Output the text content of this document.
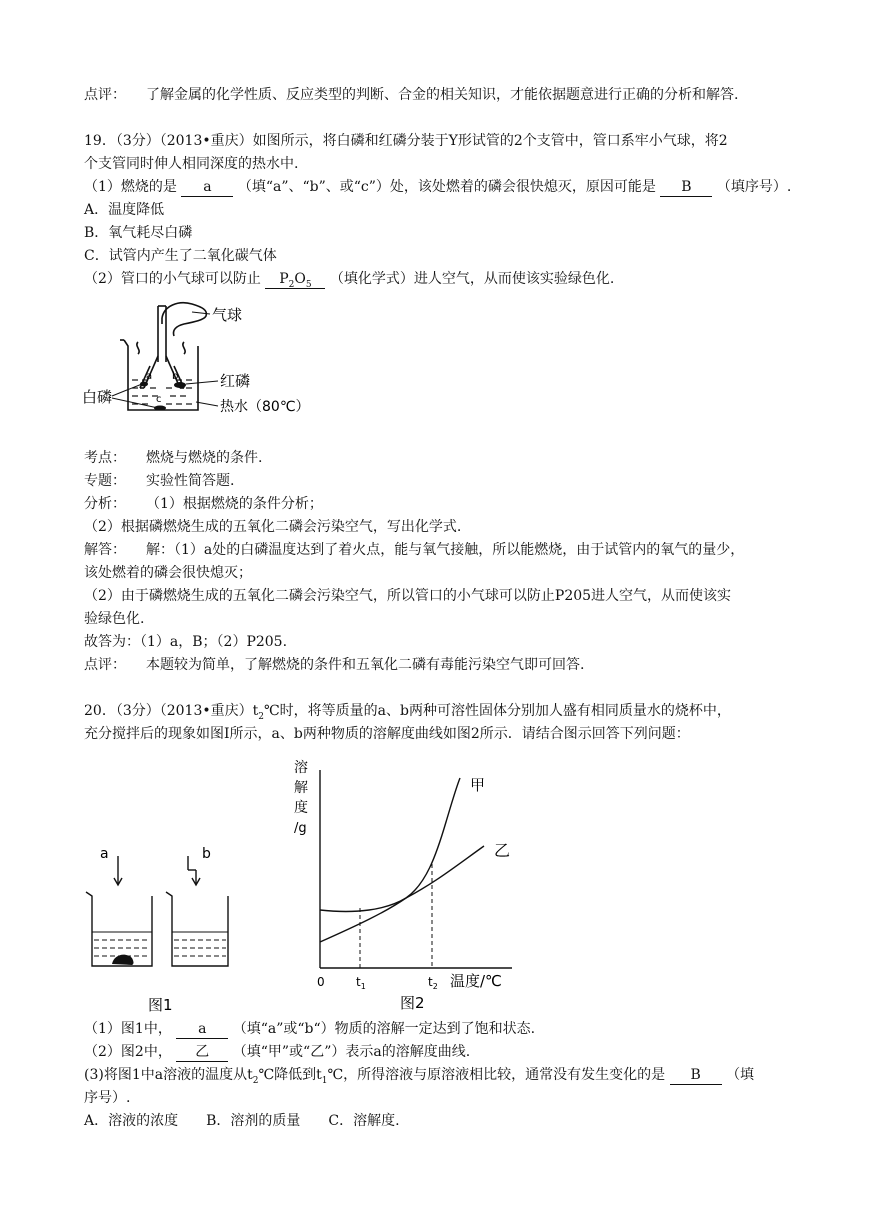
点评： 了解金属的化学性质、反应类型的判断、合金的相关知识，才能依据题意进行正确的分析和解答.
19．（3分）（2013•重庆）如图所示，将白磷和红磷分装于Y形试管的2个支管中，管口系牢小气球，将2
个支管同时伸人相同深度的热水中.
（1）燃烧的是 a （填“a”、“b”、或“c”）处，该处燃着的磷会很快熄灭，原因可能是 B （填序号）.
A．温度降低
B．氧气耗尽白磷
C．试管内产生了二氧化碳气体
（2）管口的小气球可以防止 $P_2O_5$ （填化学式）进人空气，从而使该实验绿色化.
气球
红磷
白磷
热水（80℃）
a b
c
考点： 燃烧与燃烧的条件.
专题： 实验性简答题.
分析： （1）根据燃烧的条件分析；
（2）根据磷燃烧生成的五氧化二磷会污染空气，写出化学式.
解答： 解：（1）a处的白磷温度达到了着火点，能与氧气接触，所以能燃烧，由于试管内的氧气的量少，
该处燃着的磷会很快熄灭；
（2）由于磷燃烧生成的五氧化二磷会污染空气，所以管口的小气球可以防止P205进人空气，从而使该实
验绿色化.
故答为：（1）a，B；（2）P205.
点评： 本题较为简单，了解燃烧的条件和五氧化二磷有毒能污染空气即可回答.
20．（3分）（2013•重庆）$t_2℃$时，将等质量的a、b两种可溶性固体分别加人盛有相同质量水的烧杯中，
充分搅拌后的现象如图I所示，a、b两种物质的溶解度曲线如图2所示．请结合图示回答下列问题：
a	b
图1
溶
解
度
/g
0	$t_1$	$t_2$ 温度/℃
甲
乙
图2
（1）图1中， a （填“a”或“b“）物质的溶解一定达到了饱和状态.
（2）图2中， 乙 （填“甲”或“乙”）表示a的溶解度曲线.
(3)将图1中a溶液的温度从$t_2℃$降低到$t_1℃$，所得溶液与原溶液相比较，通常没有发生变化的是 B （填
序号）.
A．溶液的浓度　　B．溶剂的质量　　C．溶解度.
